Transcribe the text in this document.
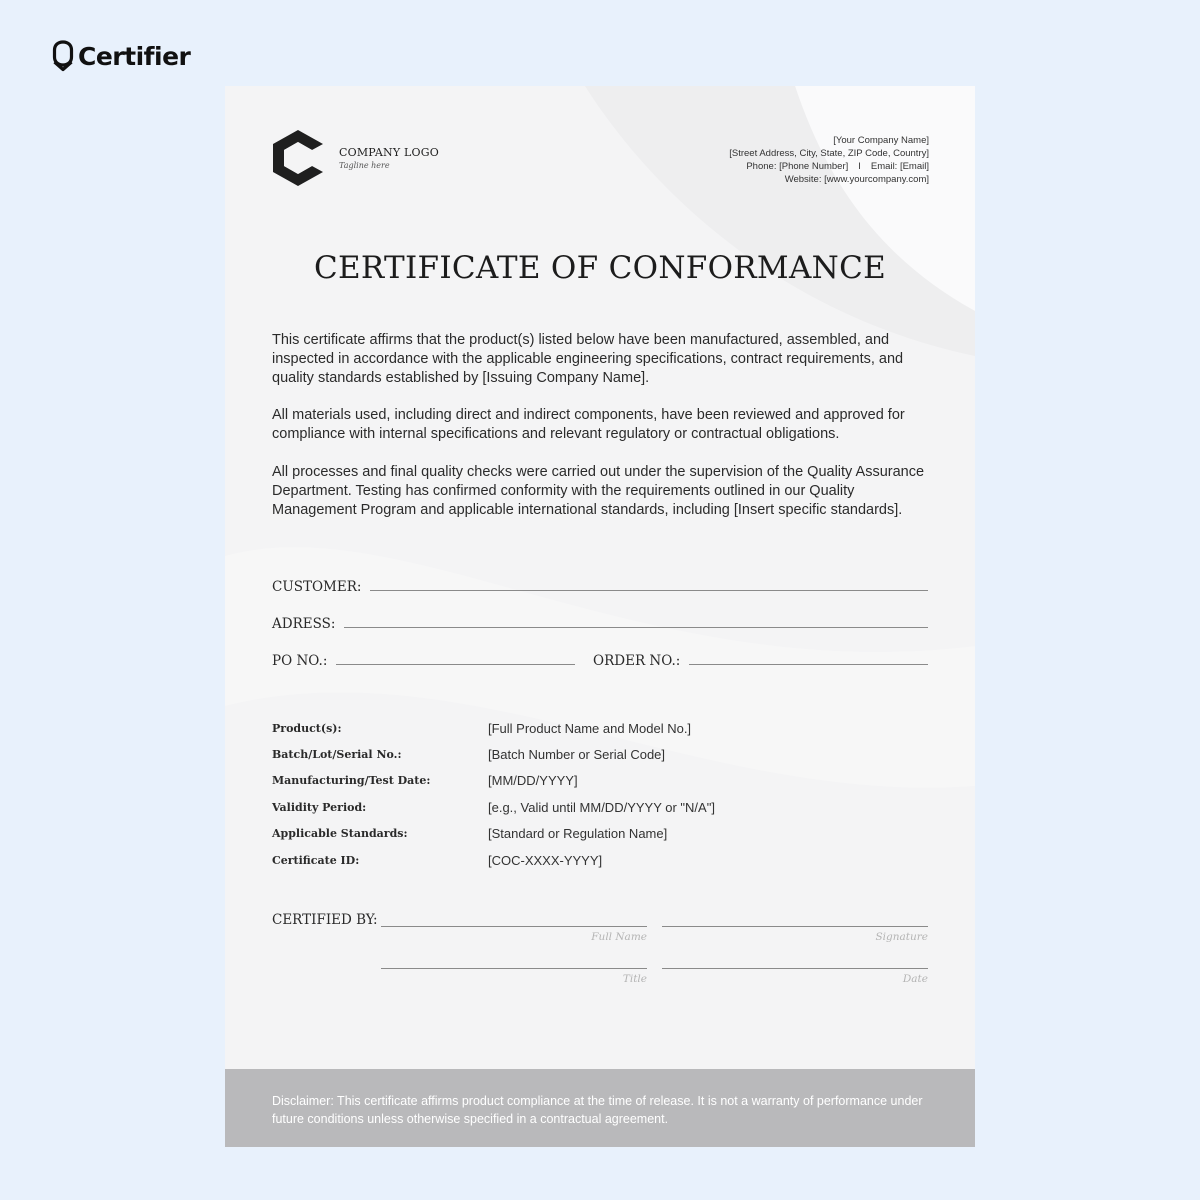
Certifier
COMPANY LOGO
Tagline here
[Your Company Name]
[Street Address, City, State, ZIP Code, Country]
Phone: [Phone Number] I Email: [Email]
Website: [www.yourcompany.com]
CERTIFICATE OF CONFORMANCE

This certificate affirms that the product(s) listed below have been manufactured, assembled, and inspected in accordance with the applicable engineering specifications, contract requirements, and quality standards established by [Issuing Company Name].

All materials used, including direct and indirect components, have been reviewed and approved for compliance with internal specifications and relevant regulatory or contractual obligations.

All processes and final quality checks were carried out under the supervision of the Quality Assurance Department. Testing has confirmed conformity with the requirements outlined in our Quality Management Program and applicable international standards, including [Insert specific standards].

CUSTOMER:
ADRESS:
PO NO.:	ORDER NO.:
Product(s):	[Full Product Name and Model No.]
Batch/Lot/Serial No.:	[Batch Number or Serial Code]
Manufacturing/Test Date:	[MM/DD/YYYY]
Validity Period:	[e.g., Valid until MM/DD/YYYY or "N/A"]
Applicable Standards:	[Standard or Regulation Name]
Certificate ID:	[COC-XXXX-YYYY]
CERTIFIED BY:
Full Name	Signature
Title	Date

Disclaimer: This certificate affirms product compliance at the time of release. It is not a warranty of performance under future conditions unless otherwise specified in a contractual agreement.
